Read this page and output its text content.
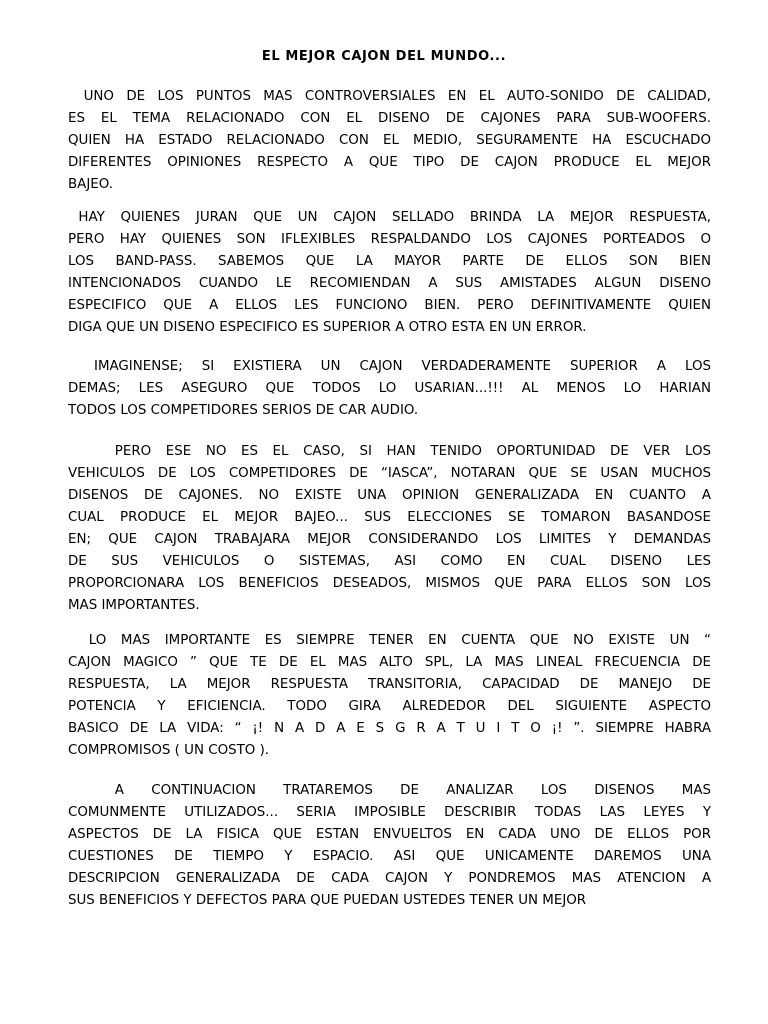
EL MEJOR CAJON DEL MUNDO...
UNO DE LOS PUNTOS MAS CONTROVERSIALES EN EL AUTO-SONIDO DE CALIDAD,
ES EL TEMA RELACIONADO CON EL DISENO DE CAJONES PARA SUB-WOOFERS.
QUIEN HA ESTADO RELACIONADO CON EL MEDIO, SEGURAMENTE HA ESCUCHADO
DIFERENTES OPINIONES RESPECTO A QUE TIPO DE CAJON PRODUCE EL MEJOR
BAJEO.
HAY QUIENES JURAN QUE UN CAJON SELLADO BRINDA LA MEJOR RESPUESTA,
PERO HAY QUIENES SON IFLEXIBLES RESPALDANDO LOS CAJONES PORTEADOS O
LOS BAND-PASS. SABEMOS QUE LA MAYOR PARTE DE ELLOS SON BIEN
INTENCIONADOS CUANDO LE RECOMIENDAN A SUS AMISTADES ALGUN DISENO
ESPECIFICO QUE A ELLOS LES FUNCIONO BIEN. PERO DEFINITIVAMENTE QUIEN
DIGA QUE UN DISENO ESPECIFICO ES SUPERIOR A OTRO ESTA EN UN ERROR.
IMAGINENSE; SI EXISTIERA UN CAJON VERDADERAMENTE SUPERIOR A LOS
DEMAS; LES ASEGURO QUE TODOS LO USARIAN...!!! AL MENOS LO HARIAN
TODOS LOS COMPETIDORES SERIOS DE CAR AUDIO.
PERO ESE NO ES EL CASO, SI HAN TENIDO OPORTUNIDAD DE VER LOS
VEHICULOS DE LOS COMPETIDORES DE “IASCA”, NOTARAN QUE SE USAN MUCHOS
DISENOS DE CAJONES. NO EXISTE UNA OPINION GENERALIZADA EN CUANTO A
CUAL PRODUCE EL MEJOR BAJEO... SUS ELECCIONES SE TOMARON BASANDOSE
EN; QUE CAJON TRABAJARA MEJOR CONSIDERANDO LOS LIMITES Y DEMANDAS
DE SUS VEHICULOS O SISTEMAS, ASI COMO EN CUAL DISENO LES
PROPORCIONARA LOS BENEFICIOS DESEADOS, MISMOS QUE PARA ELLOS SON LOS
MAS IMPORTANTES.
LO MAS IMPORTANTE ES SIEMPRE TENER EN CUENTA QUE NO EXISTE UN “
CAJON MAGICO ” QUE TE DE EL MAS ALTO SPL, LA MAS LINEAL FRECUENCIA DE
RESPUESTA, LA MEJOR RESPUESTA TRANSITORIA, CAPACIDAD DE MANEJO DE
POTENCIA Y EFICIENCIA. TODO GIRA ALREDEDOR DEL SIGUIENTE ASPECTO
BASICO DE LA VIDA: “ ¡! N A D A E S G R A T U I T O ¡! ”. SIEMPRE HABRA
COMPROMISOS ( UN COSTO ).
A CONTINUACION TRATAREMOS DE ANALIZAR LOS DISENOS MAS
COMUNMENTE UTILIZADOS... SERIA IMPOSIBLE DESCRIBIR TODAS LAS LEYES Y
ASPECTOS DE LA FISICA QUE ESTAN ENVUELTOS EN CADA UNO DE ELLOS POR
CUESTIONES DE TIEMPO Y ESPACIO. ASI QUE UNICAMENTE DAREMOS UNA
DESCRIPCION GENERALIZADA DE CADA CAJON Y PONDREMOS MAS ATENCION A
SUS BENEFICIOS Y DEFECTOS PARA QUE PUEDAN USTEDES TENER UN MEJOR
